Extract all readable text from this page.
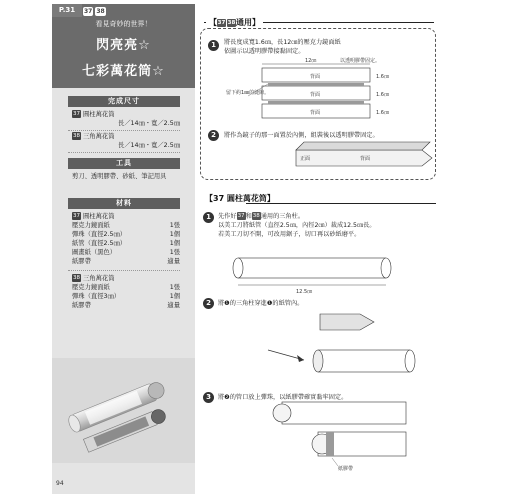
37 38
看見奇妙的世界！
閃亮亮☆
七彩萬花筒☆
P.31
完成尺寸
37 圓柱萬花筒
長／14㎝・寬／2.5㎝
38 三角萬花筒
長／14㎝・寬／2.5㎝
工具
剪刀、透明膠帶、砂紙、筆記用具
材料
37 圓柱萬花筒
壓克力鏡面紙	1張
彈珠（直徑2.5㎝）	1個
紙管（直徑2.5㎝）	1個
圖畫紙（黑色）	1張
紙膠帶	適量
38 三角萬花筒
壓克力鏡面紙	1張
彈珠（直徑3㎝）	1個
紙膠帶	適量
94
【37 38通用】
1	將長度成寬1.6㎝，長12㎝的壓克力鏡面紙
依圖示以透明膠帶接黏固定。
2	將作為鏡子的那一面置於內側，組裝後以透明膠帶固定。
【37 圓柱萬花筒】
1	先作好37和38通用的三角柱。
以美工刀將紙管（直徑2.5㎝，內徑2㎝）裁成12.5㎝長。
若美工刀切不開，可改用鋸子，切口再以砂紙磨平。
2	將❶的三角柱穿進❶的紙管內。
3	將❷的管口放上彈珠，以紙膠帶確實黏牢固定。
12㎝	以透明膠帶固定。
背面
背面
背面
1.6㎝
1.6㎝
1.6㎝
留下約1㎜的縫隙。
正面	背面
12.5㎝
紙膠帶
